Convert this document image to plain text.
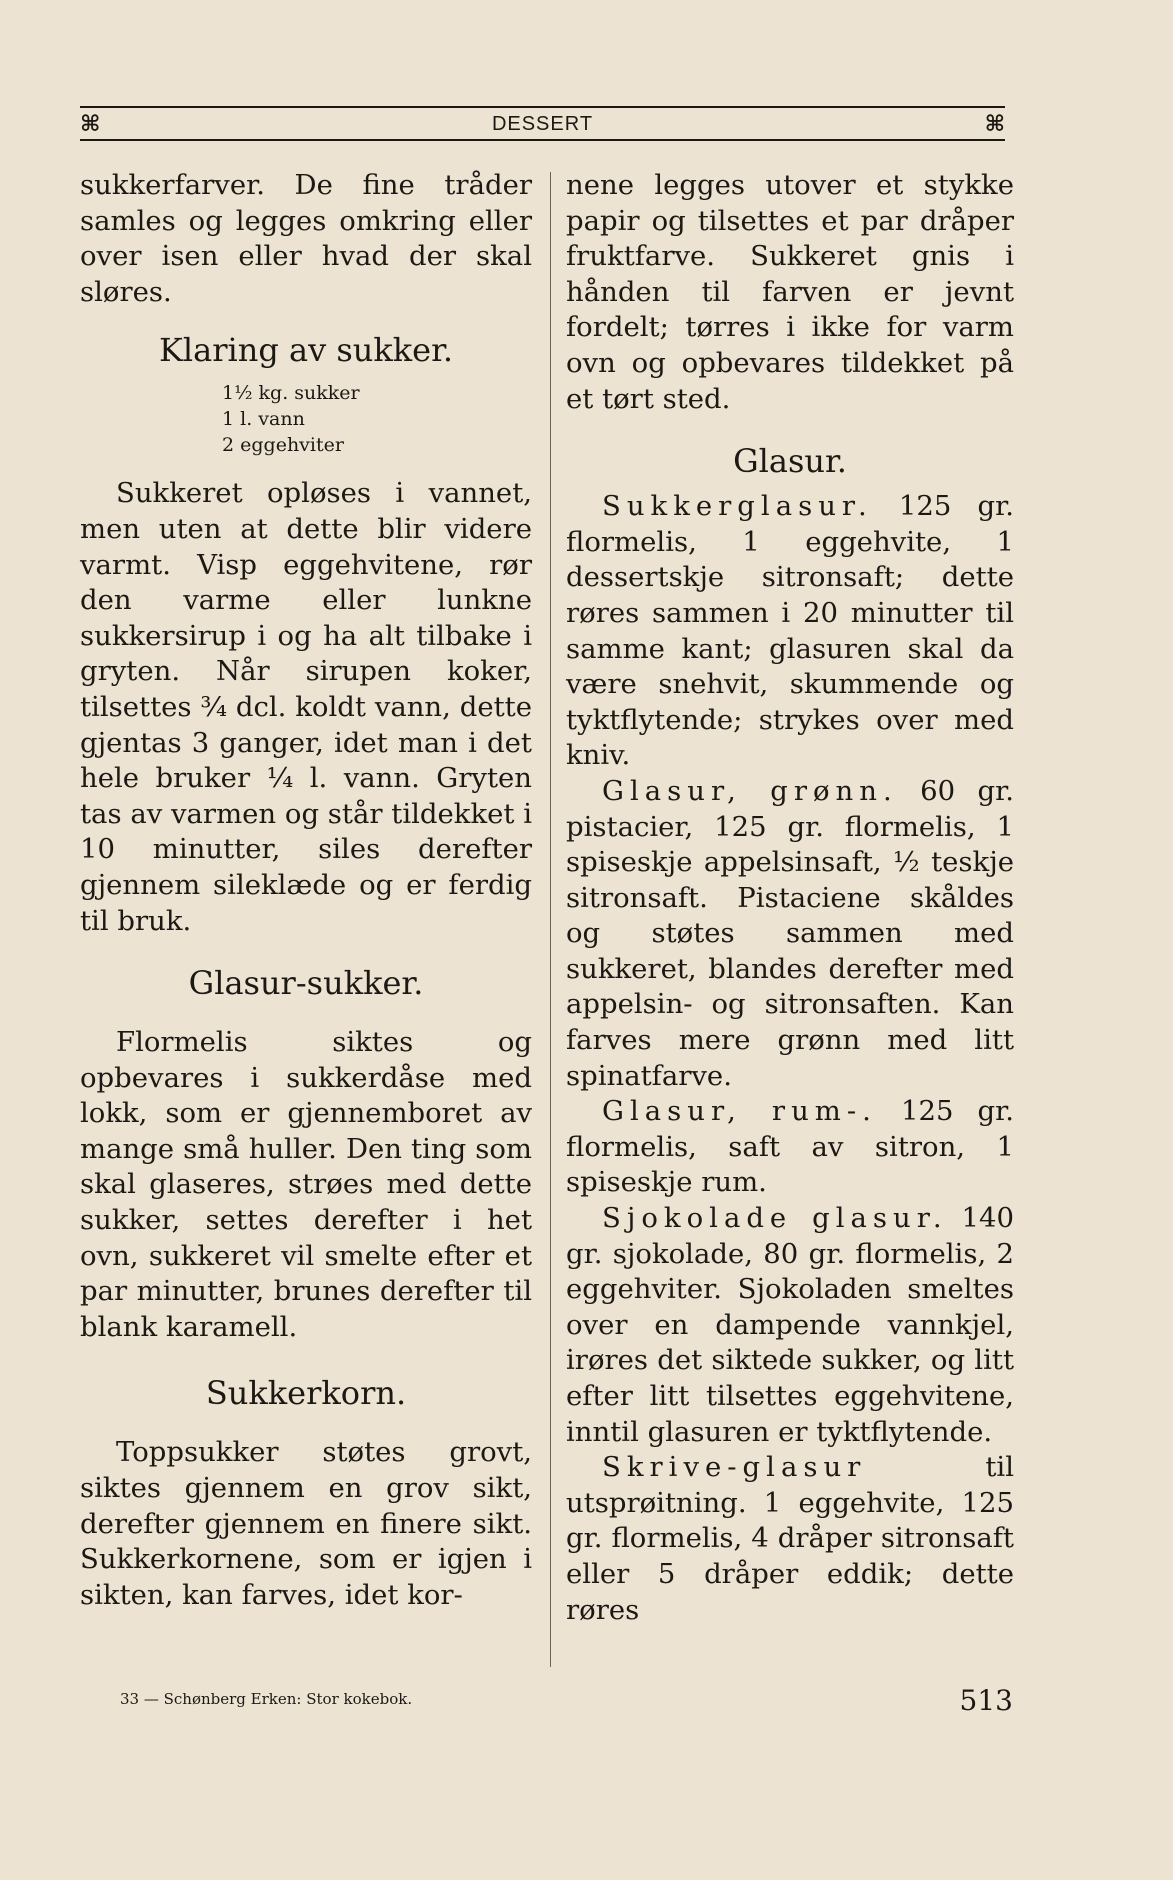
⌘	DESSERT	⌘

sukkerfarver. De fine tråder samles og legges omkring eller over isen eller hvad der skal sløres.

Klaring av sukker.
1½ kg. sukker
1 l. vann
2 eggehviter

Sukkeret opløses i vannet, men uten at dette blir videre varmt. Visp eggehvitene, rør den varme eller lunkne sukkersirup i og ha alt tilbake i gryten. Når sirupen koker, tilsettes ¾ dcl. koldt vann, dette gjentas 3 ganger, idet man i det hele bruker ¼ l. vann. Gryten tas av varmen og står tildekket i 10 minutter, siles derefter gjennem sileklæde og er ferdig til bruk.

Glasur-sukker.

Flormelis siktes og opbevares i sukkerdåse med lokk, som er gjennemboret av mange små huller. Den ting som skal glaseres, strøes med dette sukker, settes derefter i het ovn, sukkeret vil smelte efter et par minutter, brunes derefter til blank karamell.

Sukkerkorn.

Toppsukker støtes grovt, siktes gjennem en grov sikt, derefter gjennem en finere sikt. Sukkerkornene, som er igjen i sikten, kan farves, idet kor-

nene legges utover et stykke papir og tilsettes et par dråper fruktfarve. Sukkeret gnis i hånden til farven er jevnt fordelt; tørres i ikke for varm ovn og opbevares tildekket på et tørt sted.

Glasur.

Sukkerglasur. 125 gr. flormelis, 1 eggehvite, 1 dessertskje sitronsaft; dette røres sammen i 20 minutter til samme kant; glasuren skal da være snehvit, skummende og tyktflytende; strykes over med kniv.

Glasur, grønn. 60 gr. pistacier, 125 gr. flormelis, 1 spiseskje appelsinsaft, ½ teskje sitronsaft. Pistaciene skåldes og støtes sammen med sukkeret, blandes derefter med appelsin- og sitronsaften. Kan farves mere grønn med litt spinatfarve.

Glasur, rum-. 125 gr. flormelis, saft av sitron, 1 spiseskje rum.

Sjokolade glasur. 140 gr. sjokolade, 80 gr. flormelis, 2 eggehviter. Sjokoladen smeltes over en dampende vannkjel, irøres det siktede sukker, og litt efter litt tilsettes eggehvitene, inntil glasuren er tyktflytende.

Skrive-glasur	til utsprøitning. 1 eggehvite, 125 gr. flormelis, 4 dråper sitronsaft eller 5 dråper eddik; dette røres

33 — Schønberg Erken: Stor kokebok.	513
